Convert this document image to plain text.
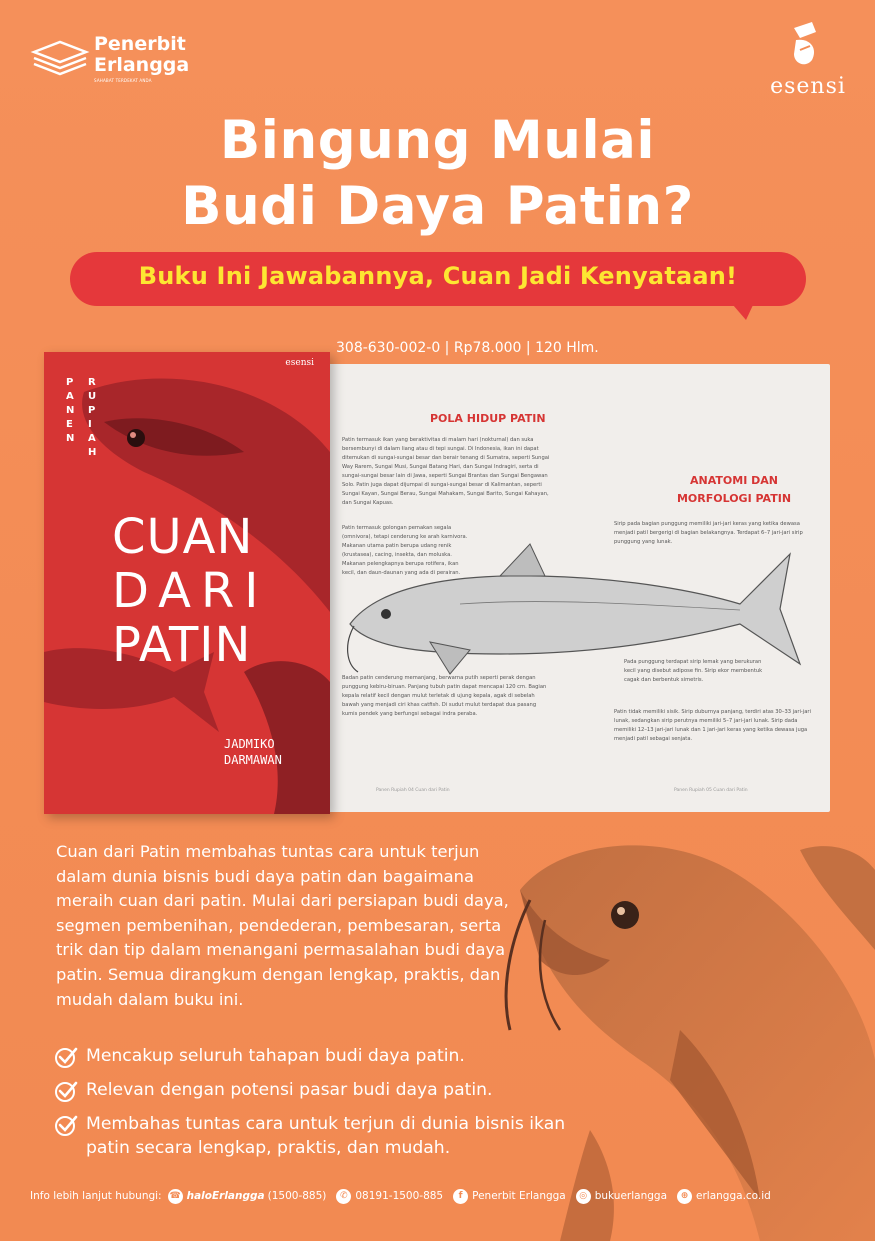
Penerbit
Erlangga
SAHABAT TERDEKAT ANDA	esensi
Bingung Mulai
Budi Daya Patin?
Buku Ini Jawabannya, Cuan Jadi Kenyataan!
308-630-002-0 | Rp78.000 | 120 Hlm.
POLA HIDUP PATIN
Patin termasuk ikan yang beraktivitas di malam hari (nokturnal) dan suka bersembunyi di dalam liang atau di tepi sungai. Di Indonesia, ikan ini dapat ditemukan di sungai-sungai besar dan berair tenang di Sumatra, seperti Sungai Way Rarem, Sungai Musi, Sungai Batang Hari, dan Sungai Indragiri, serta di sungai-sungai besar lain di Jawa, seperti Sungai Brantas dan Sungai Bengawan Solo. Patin juga dapat dijumpai di sungai-sungai besar di Kalimantan, seperti Sungai Kayan, Sungai Berau, Sungai Mahakam, Sungai Barito, Sungai Kahayan, dan Sungai Kapuas.
Patin termasuk golongan pemakan segala (omnivora), tetapi cenderung ke arah karnivora. Makanan utama patin berupa udang renik (krustasea), cacing, insekta, dan moluska. Makanan pelengkapnya berupa rotifera, ikan kecil, dan daun-daunan yang ada di perairan.
Badan patin cenderung memanjang, berwarna putih seperti perak dengan punggung kebiru-biruan. Panjang tubuh patin dapat mencapai 120 cm. Bagian kepala relatif kecil dengan mulut terletak di ujung kepala, agak di sebelah bawah yang menjadi ciri khas catfish. Di sudut mulut terdapat dua pasang kumis pendek yang berfungsi sebagai indra peraba.
Panen Rupiah 04 Cuan dari Patin
ANATOMI DAN
MORFOLOGI PATIN
Sirip pada bagian punggung memiliki jari-jari keras yang ketika dewasa menjadi patil bergerigi di bagian belakangnya. Terdapat 6–7 jari-jari sirip punggung yang lunak.
Pada punggung terdapat sirip lemak yang berukuran kecil yang disebut adipose fin. Sirip ekor membentuk cagak dan berbentuk simetris.
Patin tidak memiliki sisik. Sirip duburnya panjang, terdiri atas 30–33 jari-jari lunak, sedangkan sirip perutnya memiliki 5–7 jari-jari lunak. Sirip dada memiliki 12–13 jari-jari lunak dan 1 jari-jari keras yang ketika dewasa juga menjadi patil sebagai senjata.
Panen Rupiah 05 Cuan dari Patin
esensi
P
A
N
E
N
R
U
P
I
A
H
CUAN
DARI
PATIN
JADMIKO
DARMAWAN
Cuan dari Patin membahas tuntas cara untuk terjun dalam dunia bisnis budi daya patin dan bagaimana meraih cuan dari patin. Mulai dari persiapan budi daya, segmen pembenihan, pendederan, pembesaran, serta trik dan tip dalam menangani permasalahan budi daya patin. Semua dirangkum dengan lengkap, praktis, dan mudah dalam buku ini.
Mencakup seluruh tahapan budi daya patin.
Relevan dengan potensi pasar budi daya patin.
Membahas tuntas cara untuk terjun di dunia bisnis ikan patin secara lengkap, praktis, dan mudah.
Info lebih lanjut hubungi: ☎ haloErlangga (1500-885)	✆ 08191-1500-885	f Penerbit Erlangga	◎ bukuerlangga	⊕ erlangga.co.id
